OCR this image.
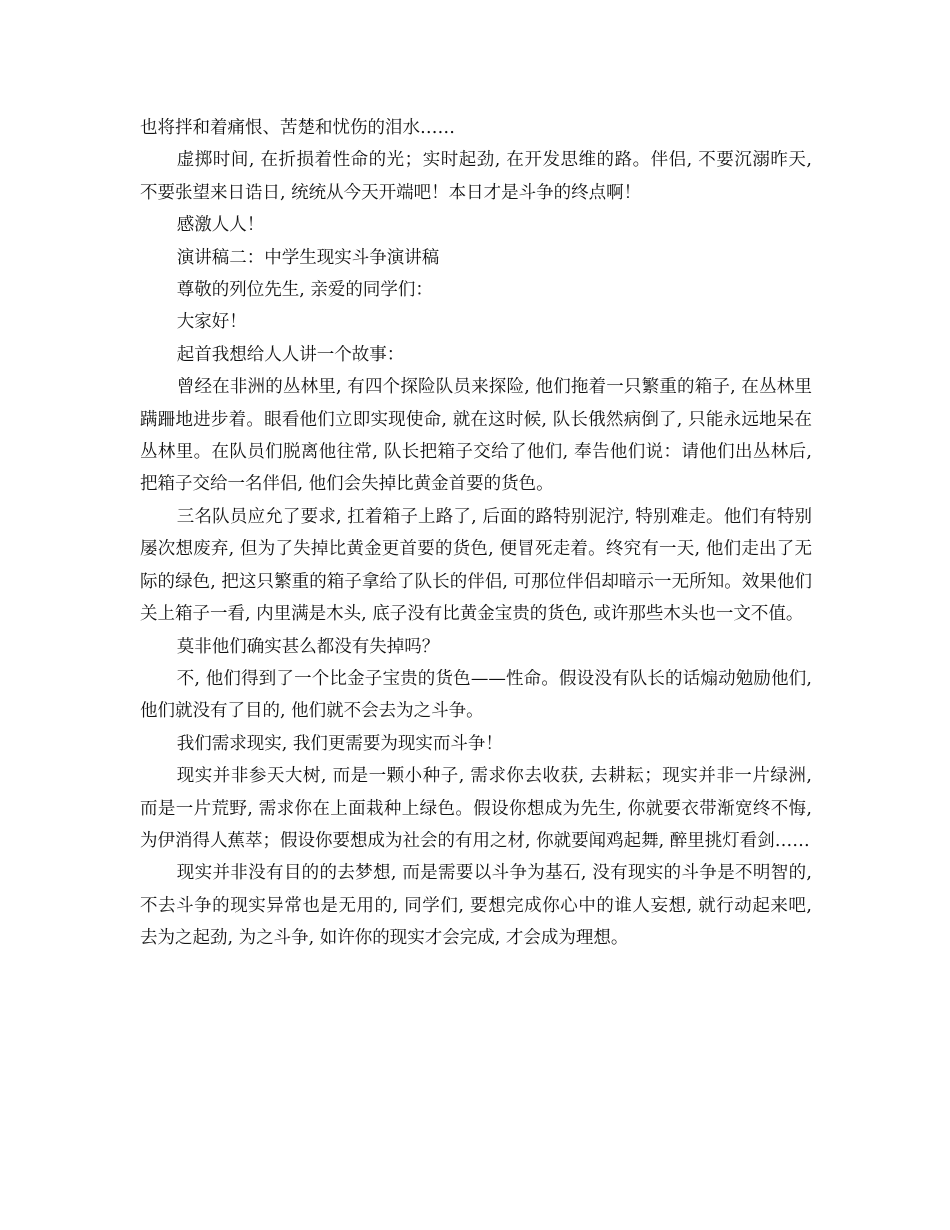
也将拌和着痛恨、苦楚和忧伤的泪水……

虚掷时间, 在折损着性命的光；实时起劲, 在开发思维的路。伴侣, 不要沉溺昨天, 不要张望来日诰日, 统统从今天开端吧！本日才是斗争的终点啊！

感激人人！

演讲稿二：中学生现实斗争演讲稿

尊敬的列位先生, 亲爱的同学们：

大家好！

起首我想给人人讲一个故事：

曾经在非洲的丛林里, 有四个探险队员来探险, 他们拖着一只繁重的箱子, 在丛林里蹒跚地进步着。眼看他们立即实现使命, 就在这时候, 队长俄然病倒了, 只能永远地呆在丛林里。在队员们脱离他往常, 队长把箱子交给了他们, 奉告他们说：请他们出丛林后, 把箱子交给一名伴侣, 他们会失掉比黄金首要的货色。

三名队员应允了要求, 扛着箱子上路了, 后面的路特别泥泞, 特别难走。他们有特别屡次想废弃, 但为了失掉比黄金更首要的货色, 便冒死走着。终究有一天, 他们走出了无际的绿色, 把这只繁重的箱子拿给了队长的伴侣, 可那位伴侣却暗示一无所知。效果他们关上箱子一看, 内里满是木头, 底子没有比黄金宝贵的货色, 或许那些木头也一文不值。

莫非他们确实甚么都没有失掉吗？

不, 他们得到了一个比金子宝贵的货色——性命。假设没有队长的话煽动勉励他们, 他们就没有了目的, 他们就不会去为之斗争。

我们需求现实, 我们更需要为现实而斗争！

现实并非参天大树, 而是一颗小种子, 需求你去收获, 去耕耘；现实并非一片绿洲, 而是一片荒野, 需求你在上面栽种上绿色。假设你想成为先生, 你就要衣带渐宽终不悔, 为伊消得人蕉萃；假设你要想成为社会的有用之材, 你就要闻鸡起舞, 醉里挑灯看剑……

现实并非没有目的的去梦想, 而是需要以斗争为基石, 没有现实的斗争是不明智的, 不去斗争的现实异常也是无用的, 同学们, 要想完成你心中的谁人妄想, 就行动起来吧, 去为之起劲, 为之斗争, 如许你的现实才会完成, 才会成为理想。
